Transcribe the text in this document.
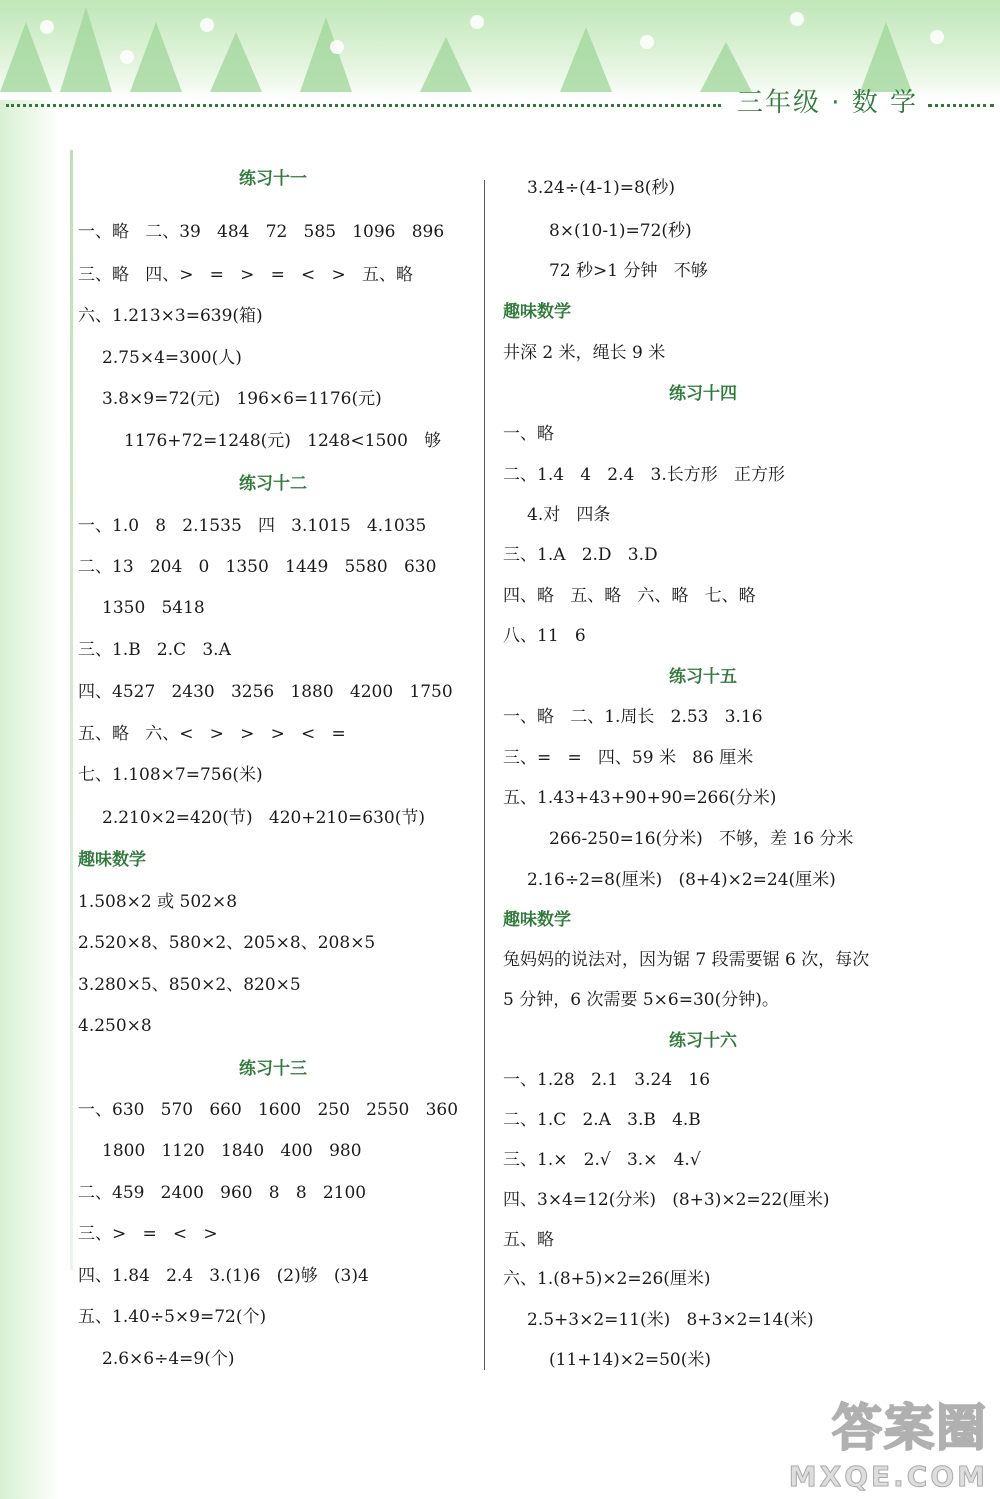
三年级 · 数 学
练习十一
一、略   二、39   484   72   585   1096   896
三、略   四、>   =   >   =   <   >   五、略
六、1.213×3=639(箱)
2.75×4=300(人)
3.8×9=72(元)   196×6=1176(元)
1176+72=1248(元)   1248<1500   够
练习十二
一、1.0   8   2.1535   四   3.1015   4.1035
二、13   204   0   1350   1449   5580   630
1350   5418
三、1.B   2.C   3.A
四、4527   2430   3256   1880   4200   1750
五、略   六、<   >   >   >   <   =
七、1.108×7=756(米)
2.210×2=420(节)   420+210=630(节)
趣味数学
1.508×2 或 502×8
2.520×8、580×2、205×8、208×5
3.280×5、850×2、820×5
4.250×8
练习十三
一、630   570   660   1600   250   2550   360
1800   1120   1840   400   980
二、459   2400   960   8   8   2100
三、>   =   <   >
四、1.84   2.4   3.(1)6   (2)够   (3)4
五、1.40÷5×9=72(个)
2.6×6÷4=9(个)
3.24÷(4-1)=8(秒)
8×(10-1)=72(秒)
72 秒>1 分钟   不够
趣味数学
井深 2 米，绳长 9 米
练习十四
一、略
二、1.4   4   2.4   3.长方形   正方形
4.对   四条
三、1.A   2.D   3.D
四、略   五、略   六、略   七、略
八、11   6
练习十五
一、略   二、1.周长   2.53   3.16
三、=   =   四、59 米   86 厘米
五、1.43+43+90+90=266(分米)
266-250=16(分米)   不够，差 16 分米
2.16÷2=8(厘米)   (8+4)×2=24(厘米)
趣味数学
兔妈妈的说法对，因为锯 7 段需要锯 6 次，每次
5 分钟，6 次需要 5×6=30(分钟)。
练习十六
一、1.28   2.1   3.24   16
二、1.C   2.A   3.B   4.B
三、1.×   2.√   3.×   4.√
四、3×4=12(分米)   (8+3)×2=22(厘米)
五、略
六、1.(8+5)×2=26(厘米)
2.5+3×2=11(米)   8+3×2=14(米)
(11+14)×2=50(米)
答案圈
MXQE.COM
